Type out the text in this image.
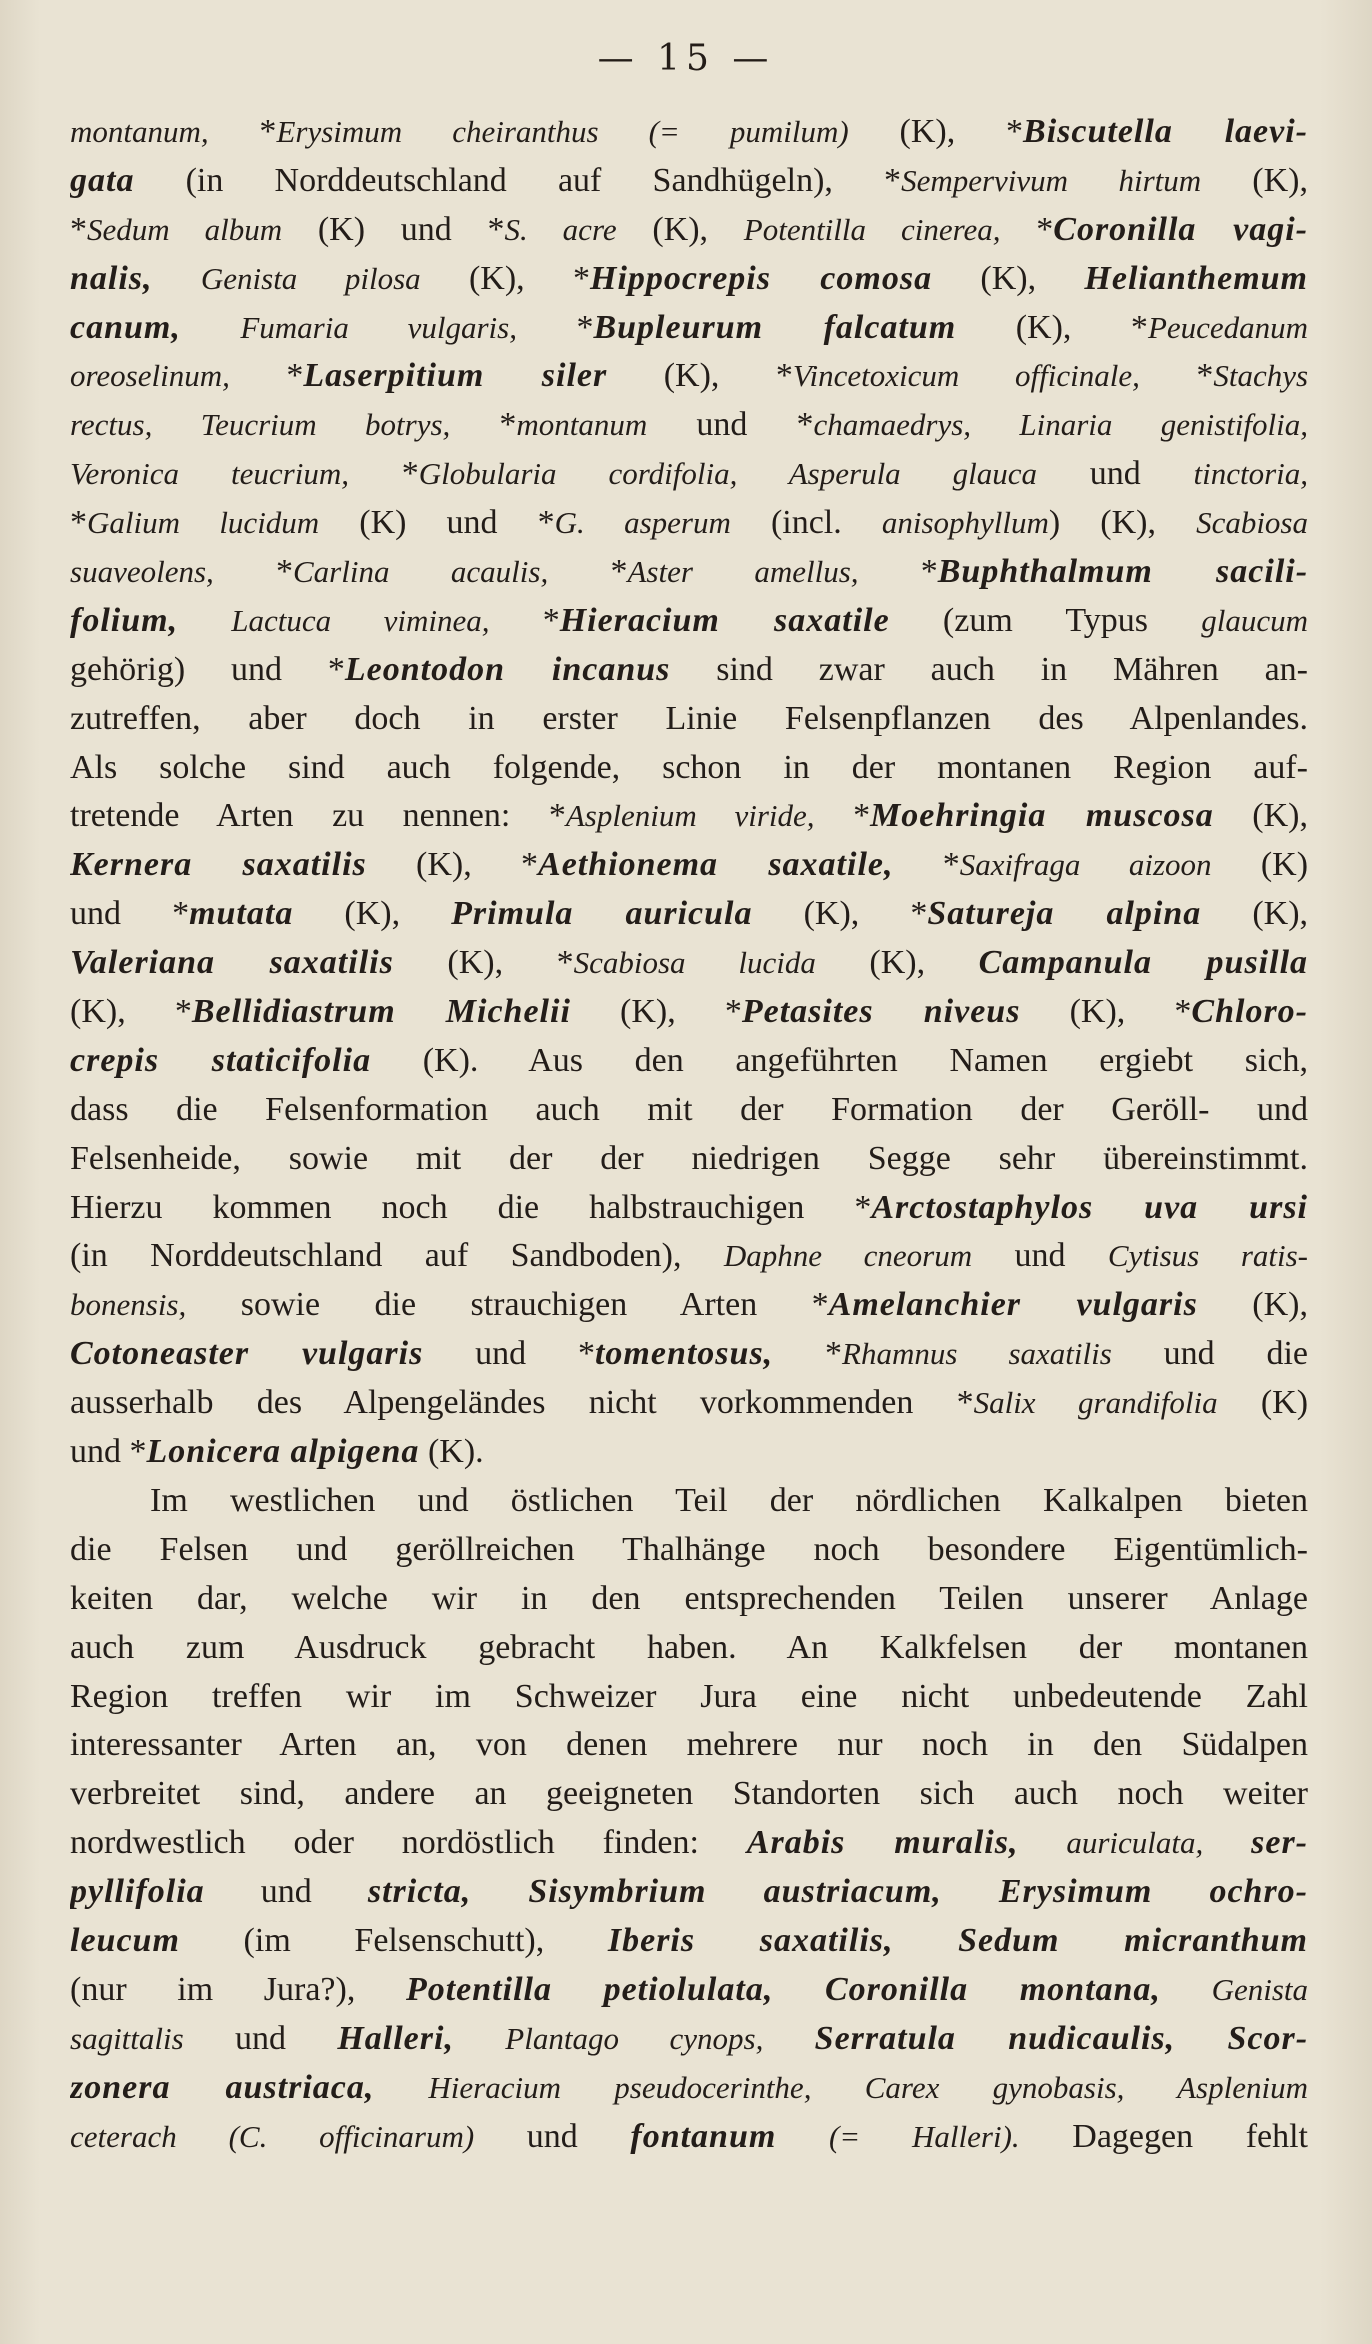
— 15 —
montanum, *Erysimum cheiranthus (= pumilum) (K), *Biscutella laevi-
gata (in Norddeutschland auf Sandhügeln), *Sempervivum hirtum (K),
*Sedum album (K) und *S. acre (K), Potentilla cinerea, *Coronilla vagi-
nalis, Genista pilosa (K), *Hippocrepis comosa (K), Helianthemum
canum, Fumaria vulgaris, *Bupleurum falcatum (K), *Peucedanum
oreoselinum, *Laserpitium siler (K), *Vincetoxicum officinale, *Stachys
rectus, Teucrium botrys, *montanum und *chamaedrys, Linaria genistifolia,
Veronica teucrium, *Globularia cordifolia, Asperula glauca und tinctoria,
*Galium lucidum (K) und *G. asperum (incl. anisophyllum) (K), Scabiosa
suaveolens, *Carlina acaulis, *Aster amellus, *Buphthalmum sacili-
folium, Lactuca viminea, *Hieracium saxatile (zum Typus glaucum
gehörig) und *Leontodon incanus sind zwar auch in Mähren an-
zutreffen, aber doch in erster Linie Felsenpflanzen des Alpenlandes.
Als solche sind auch folgende, schon in der montanen Region auf-
tretende Arten zu nennen: *Asplenium viride, *Moehringia muscosa (K),
Kernera saxatilis (K), *Aethionema saxatile, *Saxifraga aizoon (K)
und *mutata (K), Primula auricula (K), *Satureja alpina (K),
Valeriana saxatilis (K), *Scabiosa lucida (K), Campanula pusilla
(K), *Bellidiastrum Michelii (K), *Petasites niveus (K), *Chloro-
crepis staticifolia (K). Aus den angeführten Namen ergiebt sich,
dass die Felsenformation auch mit der Formation der Geröll- und
Felsenheide, sowie mit der der niedrigen Segge sehr übereinstimmt.
Hierzu kommen noch die halbstrauchigen *Arctostaphylos uva ursi
(in Norddeutschland auf Sandboden), Daphne cneorum und Cytisus ratis-
bonensis, sowie die strauchigen Arten *Amelanchier vulgaris (K),
Cotoneaster vulgaris und *tomentosus, *Rhamnus saxatilis und die
ausserhalb des Alpengeländes nicht vorkommenden *Salix grandifolia (K)
und *Lonicera alpigena (K).
Im westlichen und östlichen Teil der nördlichen Kalkalpen bieten
die Felsen und geröllreichen Thalhänge noch besondere Eigentümlich-
keiten dar, welche wir in den entsprechenden Teilen unserer Anlage
auch zum Ausdruck gebracht haben. An Kalkfelsen der montanen
Region treffen wir im Schweizer Jura eine nicht unbedeutende Zahl
interessanter Arten an, von denen mehrere nur noch in den Südalpen
verbreitet sind, andere an geeigneten Standorten sich auch noch weiter
nordwestlich oder nordöstlich finden: Arabis muralis, auriculata, ser-
pyllifolia und stricta, Sisymbrium austriacum, Erysimum ochro-
leucum (im Felsenschutt), Iberis saxatilis, Sedum micranthum
(nur im Jura?), Potentilla petiolulata, Coronilla montana, Genista
sagittalis und Halleri, Plantago cynops, Serratula nudicaulis, Scor-
zonera austriaca, Hieracium pseudocerinthe, Carex gynobasis, Asplenium
ceterach (C. officinarum) und fontanum (= Halleri). Dagegen fehlt
